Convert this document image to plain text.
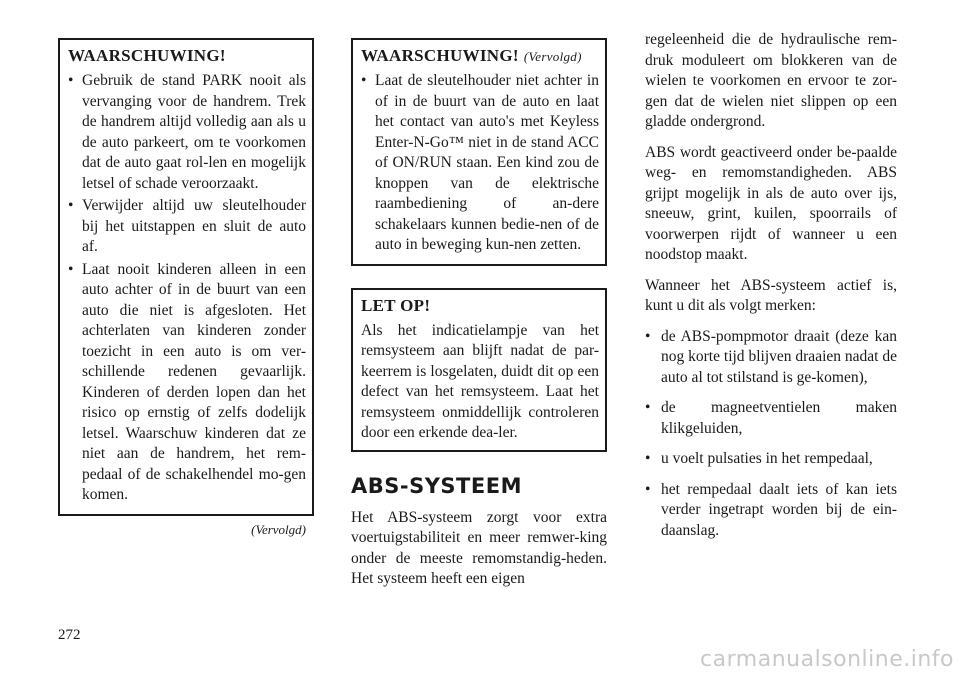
WAARSCHUWING!
• Gebruik de stand PARK nooit als vervanging voor de handrem. Trek de handrem altijd volledig aan als u de auto parkeert, om te voorkomen dat de auto gaat rol-len en mogelijk letsel of schade veroorzaakt.
• Verwijder altijd uw sleutelhouder bij het uitstappen en sluit de auto af.
• Laat nooit kinderen alleen in een auto achter of in de buurt van een auto die niet is afgesloten. Het achterlaten van kinderen zonder toezicht in een auto is om ver-schillende redenen gevaarlijk. Kinderen of derden lopen dan het risico op ernstig of zelfs dodelijk letsel. Waarschuw kinderen dat ze niet aan de handrem, het rem-pedaal of de schakelhendel mo-gen komen.
(Vervolgd)
WAARSCHUWING! (Vervolgd)
• Laat de sleutelhouder niet achter in of in de buurt van de auto en laat het contact van auto's met Keyless Enter-N-Go™ niet in de stand ACC of ON/RUN staan. Een kind zou de knoppen van de elektrische raambediening of an-dere schakelaars kunnen bedie-nen of de auto in beweging kun-nen zetten.
LET OP!

Als het indicatielampje van het remsysteem aan blijft nadat de par-keerrem is losgelaten, duidt dit op een defect van het remsysteem. Laat het remsysteem onmiddellijk controleren door een erkende dea-ler.

ABS-SYSTEEM

Het ABS-systeem zorgt voor extra voertuigstabiliteit en meer remwer-king onder de meeste remomstandig-heden. Het systeem heeft een eigen

regeleenheid die de hydraulische rem-druk moduleert om blokkeren van de wielen te voorkomen en ervoor te zor-gen dat de wielen niet slippen op een gladde ondergrond.

ABS wordt geactiveerd onder be-paalde weg- en remomstandigheden. ABS grijpt mogelijk in als de auto over ijs, sneeuw, grint, kuilen, spoorrails of voorwerpen rijdt of wanneer u een noodstop maakt.

Wanneer het ABS-systeem actief is, kunt u dit als volgt merken:

• de ABS-pompmotor draait (deze kan nog korte tijd blijven draaien nadat de auto al tot stilstand is ge-komen),
• de magneetventielen maken klikgeluiden,
• u voelt pulsaties in het rempedaal,
• het rempedaal daalt iets of kan iets verder ingetrapt worden bij de ein-daanslag.
272
carmanualsonline.info
